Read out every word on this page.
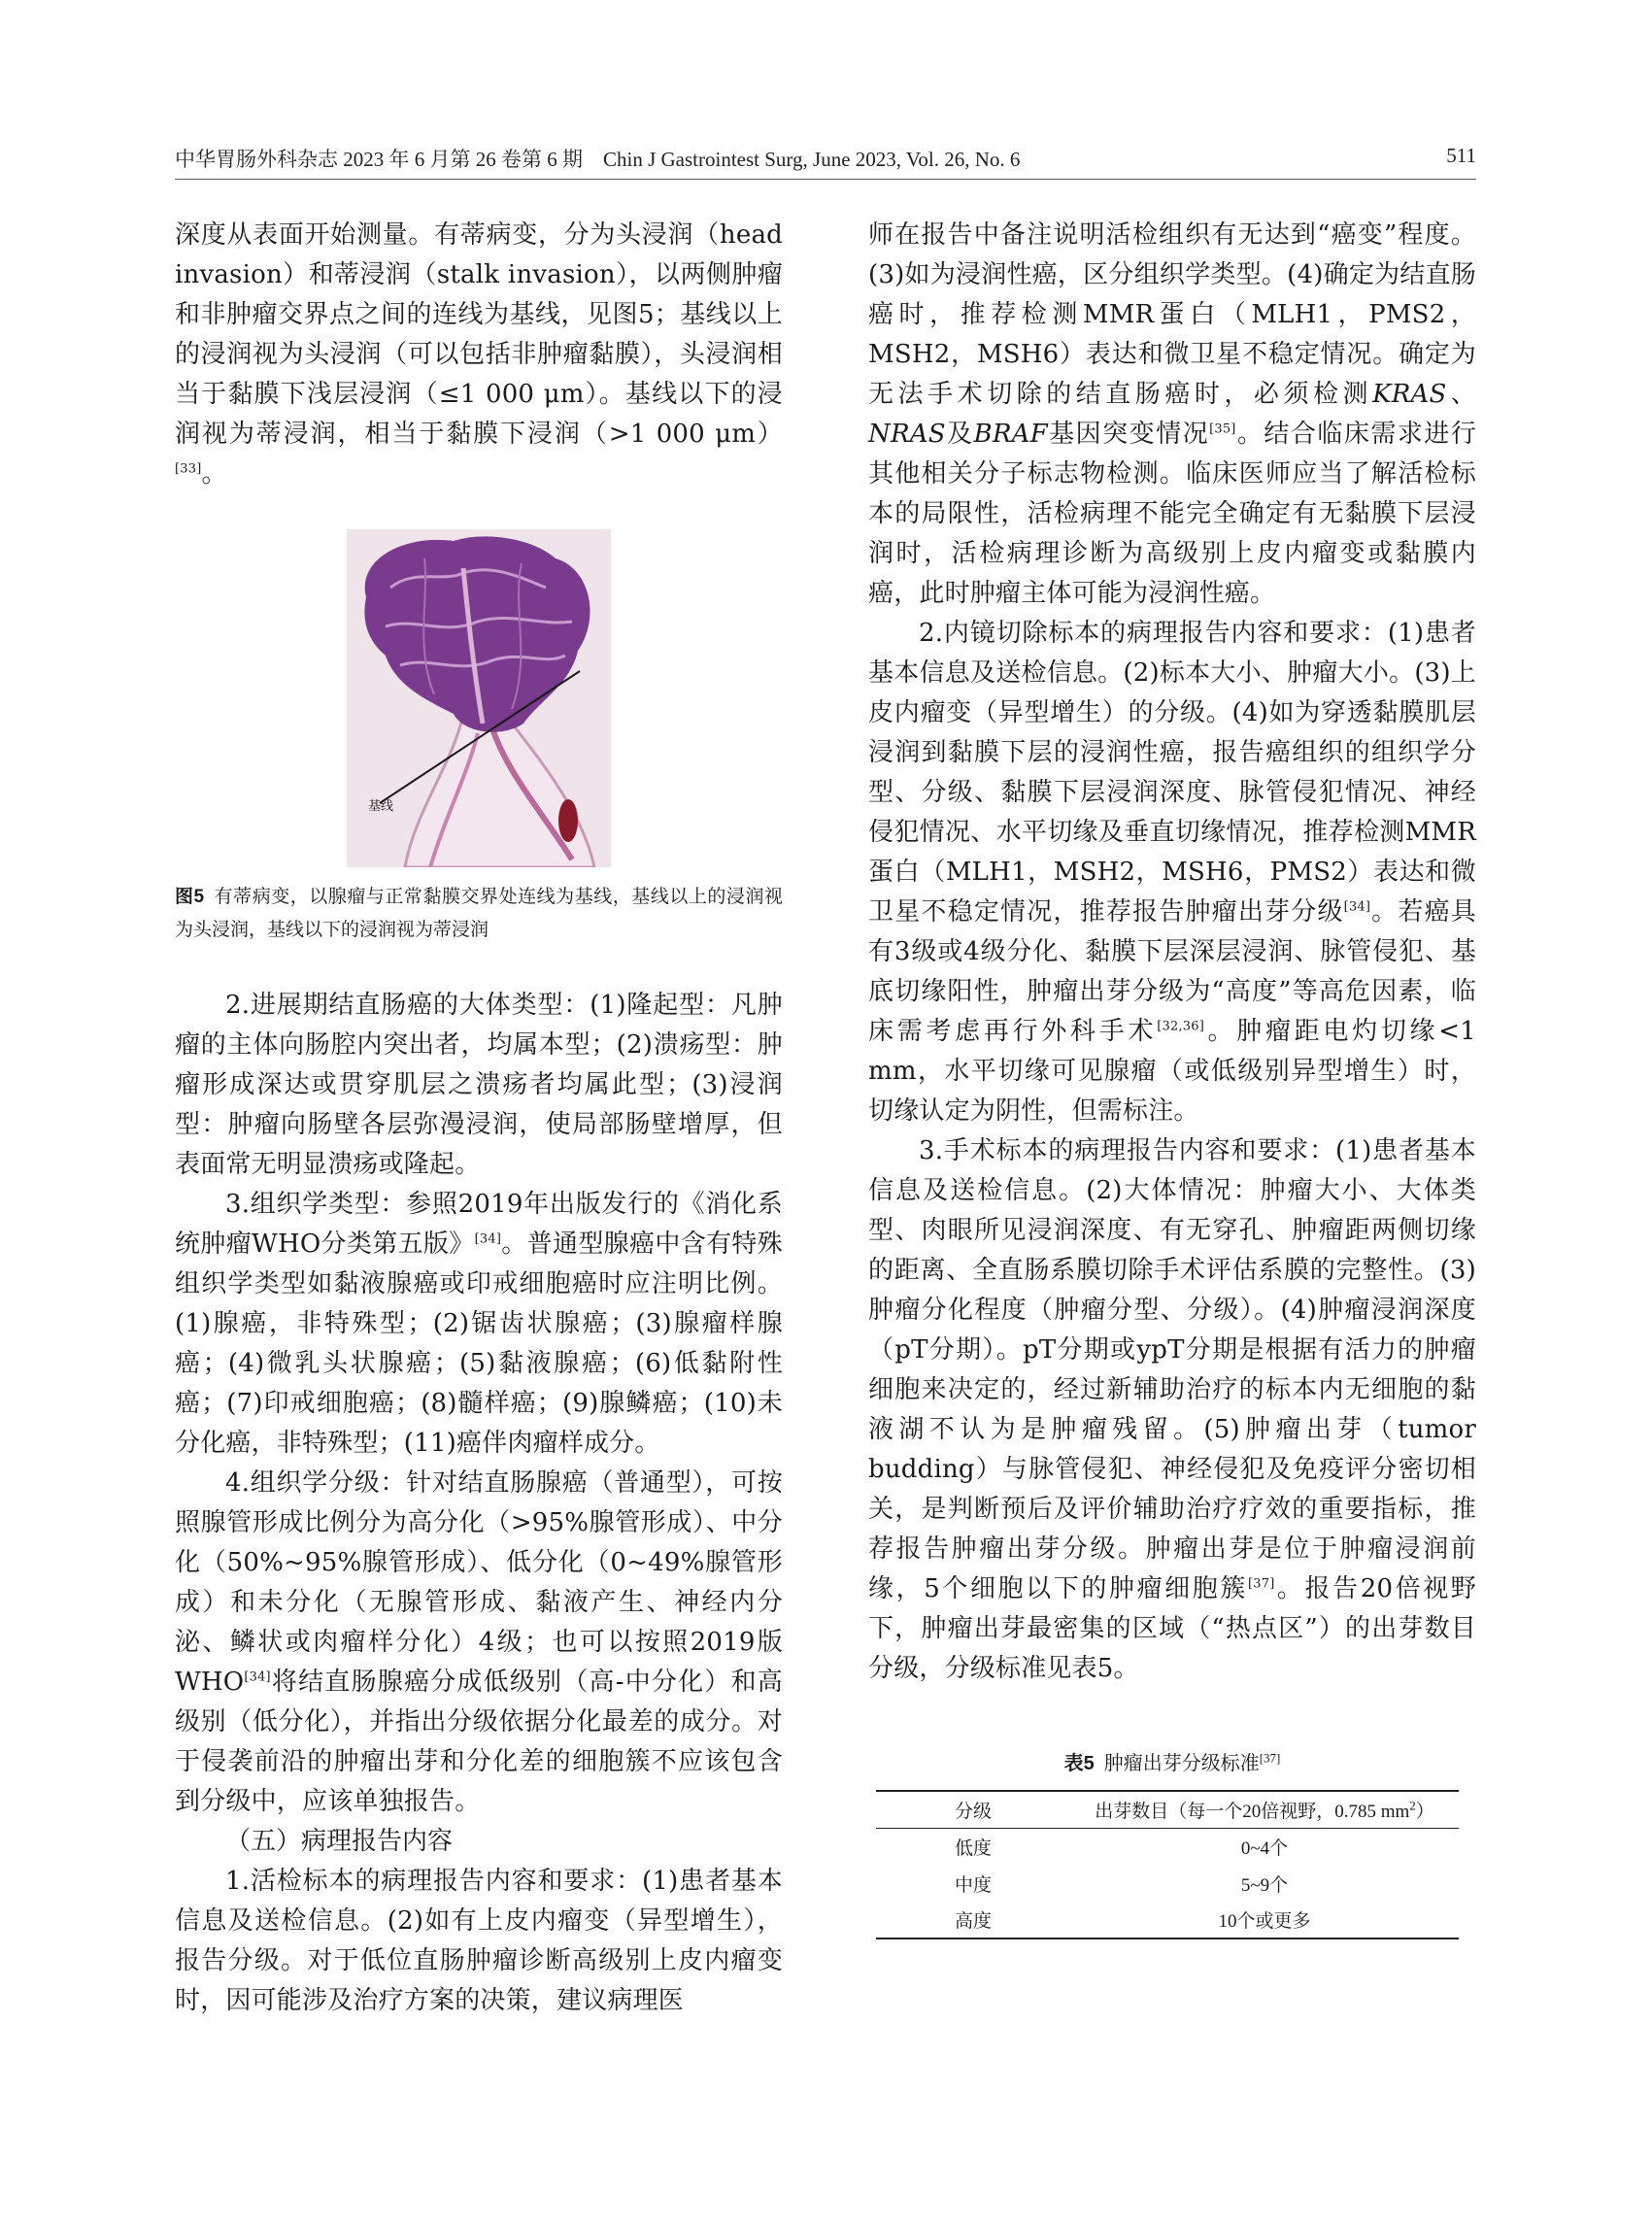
中华胃肠外科杂志 2023 年 6 月第 26 卷第 6 期　Chin J Gastrointest Surg, June 2023, Vol. 26, No. 6	511

深度从表面开始测量。有蒂病变，分为头浸润（head invasion）和蒂浸润（stalk invasion），以两侧肿瘤和非肿瘤交界点之间的连线为基线，见图5；基线以上的浸润视为头浸润（可以包括非肿瘤黏膜），头浸润相当于黏膜下浅层浸润（≤1 000 μm）。基线以下的浸润视为蒂浸润，相当于黏膜下浸润（>1 000 μm）[33]。

基线

图5 有蒂病变，以腺瘤与正常黏膜交界处连线为基线，基线以上的浸润视为头浸润，基线以下的浸润视为蒂浸润

2.进展期结直肠癌的大体类型：(1)隆起型：凡肿瘤的主体向肠腔内突出者，均属本型；(2)溃疡型：肿瘤形成深达或贯穿肌层之溃疡者均属此型；(3)浸润型：肿瘤向肠壁各层弥漫浸润，使局部肠壁增厚，但表面常无明显溃疡或隆起。

3.组织学类型：参照2019年出版发行的《消化系统肿瘤WHO分类第五版》[34]。普通型腺癌中含有特殊组织学类型如黏液腺癌或印戒细胞癌时应注明比例。(1)腺癌，非特殊型；(2)锯齿状腺癌；(3)腺瘤样腺癌；(4)微乳头状腺癌；(5)黏液腺癌；(6)低黏附性癌；(7)印戒细胞癌；(8)髓样癌；(9)腺鳞癌；(10)未分化癌，非特殊型；(11)癌伴肉瘤样成分。

4.组织学分级：针对结直肠腺癌（普通型），可按照腺管形成比例分为高分化（>95%腺管形成）、中分化（50%~95%腺管形成）、低分化（0~49%腺管形成）和未分化（无腺管形成、黏液产生、神经内分泌、鳞状或肉瘤样分化）4级；也可以按照2019版WHO[34]将结直肠腺癌分成低级别（高-中分化）和高级别（低分化），并指出分级依据分化最差的成分。对于侵袭前沿的肿瘤出芽和分化差的细胞簇不应该包含到分级中，应该单独报告。

（五）病理报告内容

1.活检标本的病理报告内容和要求：(1)患者基本信息及送检信息。(2)如有上皮内瘤变（异型增生），报告分级。对于低位直肠肿瘤诊断高级别上皮内瘤变时，因可能涉及治疗方案的决策，建议病理医

师在报告中备注说明活检组织有无达到“癌变”程度。(3)如为浸润性癌，区分组织学类型。(4)确定为结直肠癌时，推荐检测MMR蛋白（MLH1，PMS2，MSH2，MSH6）表达和微卫星不稳定情况。确定为无法手术切除的结直肠癌时，必须检测KRAS、NRAS及BRAF基因突变情况[35]。结合临床需求进行其他相关分子标志物检测。临床医师应当了解活检标本的局限性，活检病理不能完全确定有无黏膜下层浸润时，活检病理诊断为高级别上皮内瘤变或黏膜内癌，此时肿瘤主体可能为浸润性癌。

2.内镜切除标本的病理报告内容和要求：(1)患者基本信息及送检信息。(2)标本大小、肿瘤大小。(3)上皮内瘤变（异型增生）的分级。(4)如为穿透黏膜肌层浸润到黏膜下层的浸润性癌，报告癌组织的组织学分型、分级、黏膜下层浸润深度、脉管侵犯情况、神经侵犯情况、水平切缘及垂直切缘情况，推荐检测MMR蛋白（MLH1，MSH2，MSH6，PMS2）表达和微卫星不稳定情况，推荐报告肿瘤出芽分级[34]。若癌具有3级或4级分化、黏膜下层深层浸润、脉管侵犯、基底切缘阳性，肿瘤出芽分级为“高度”等高危因素，临床需考虑再行外科手术[32,36]。肿瘤距电灼切缘<1 mm，水平切缘可见腺瘤（或低级别异型增生）时，切缘认定为阴性，但需标注。

3.手术标本的病理报告内容和要求：(1)患者基本信息及送检信息。(2)大体情况：肿瘤大小、大体类型、肉眼所见浸润深度、有无穿孔、肿瘤距两侧切缘的距离、全直肠系膜切除手术评估系膜的完整性。(3)肿瘤分化程度（肿瘤分型、分级）。(4)肿瘤浸润深度（pT分期）。pT分期或ypT分期是根据有活力的肿瘤细胞来决定的，经过新辅助治疗的标本内无细胞的黏液湖不认为是肿瘤残留。(5)肿瘤出芽（tumor budding）与脉管侵犯、神经侵犯及免疫评分密切相关，是判断预后及评价辅助治疗疗效的重要指标，推荐报告肿瘤出芽分级。肿瘤出芽是位于肿瘤浸润前缘，5个细胞以下的肿瘤细胞簇[37]。报告20倍视野下，肿瘤出芽最密集的区域（“热点区”）的出芽数目分级，分级标准见表5。

表5 肿瘤出芽分级标准[37]

分级	出芽数目（每一个20倍视野，0.785 $mm^2$）
低度	0~4个
中度	5~9个
高度	10个或更多
